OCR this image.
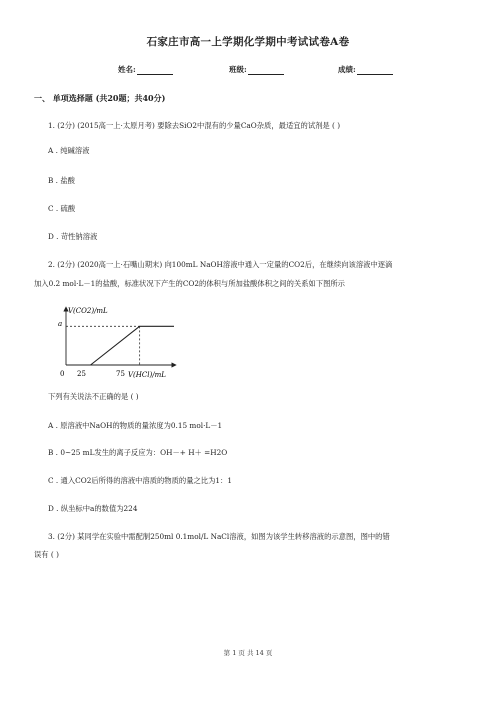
石家庄市高一上学期化学期中考试试卷A卷
姓名:	班级:	成绩:
一、 单项选择题 (共20题；共40分)
1. (2分) (2015高一上·太原月考) 要除去SiO2中混有的少量CaO杂质，最适宜的试剂是 ( )
A . 纯碱溶液
B . 盐酸
C . 硫酸
D . 苛性钠溶液
2. (2分) (2020高一上·石嘴山期末) 向100mL NaOH溶液中通入一定量的CO2后，在继续向该溶液中逐滴
加入0.2 mol·L－1的盐酸，标准状况下产生的CO2的体积与所加盐酸体积之间的关系如下图所示
V(CO2)/mL
V(HCl)/mL
a
0 25	75
下列有关说法不正确的是 ( )
A . 原溶液中NaOH的物质的量浓度为0.15 mol·L－1
B . 0~25 mL发生的离子反应为：OH－+ H＋ =H2O
C . 通入CO2后所得的溶液中溶质的物质的量之比为1：1
D . 纵坐标中a的数值为224
3. (2分) 某同学在实验中需配制250ml 0.1mol/L NaCl溶液，如图为该学生转移溶液的示意图，图中的错
误有 ( )
第 1 页 共 14 页
